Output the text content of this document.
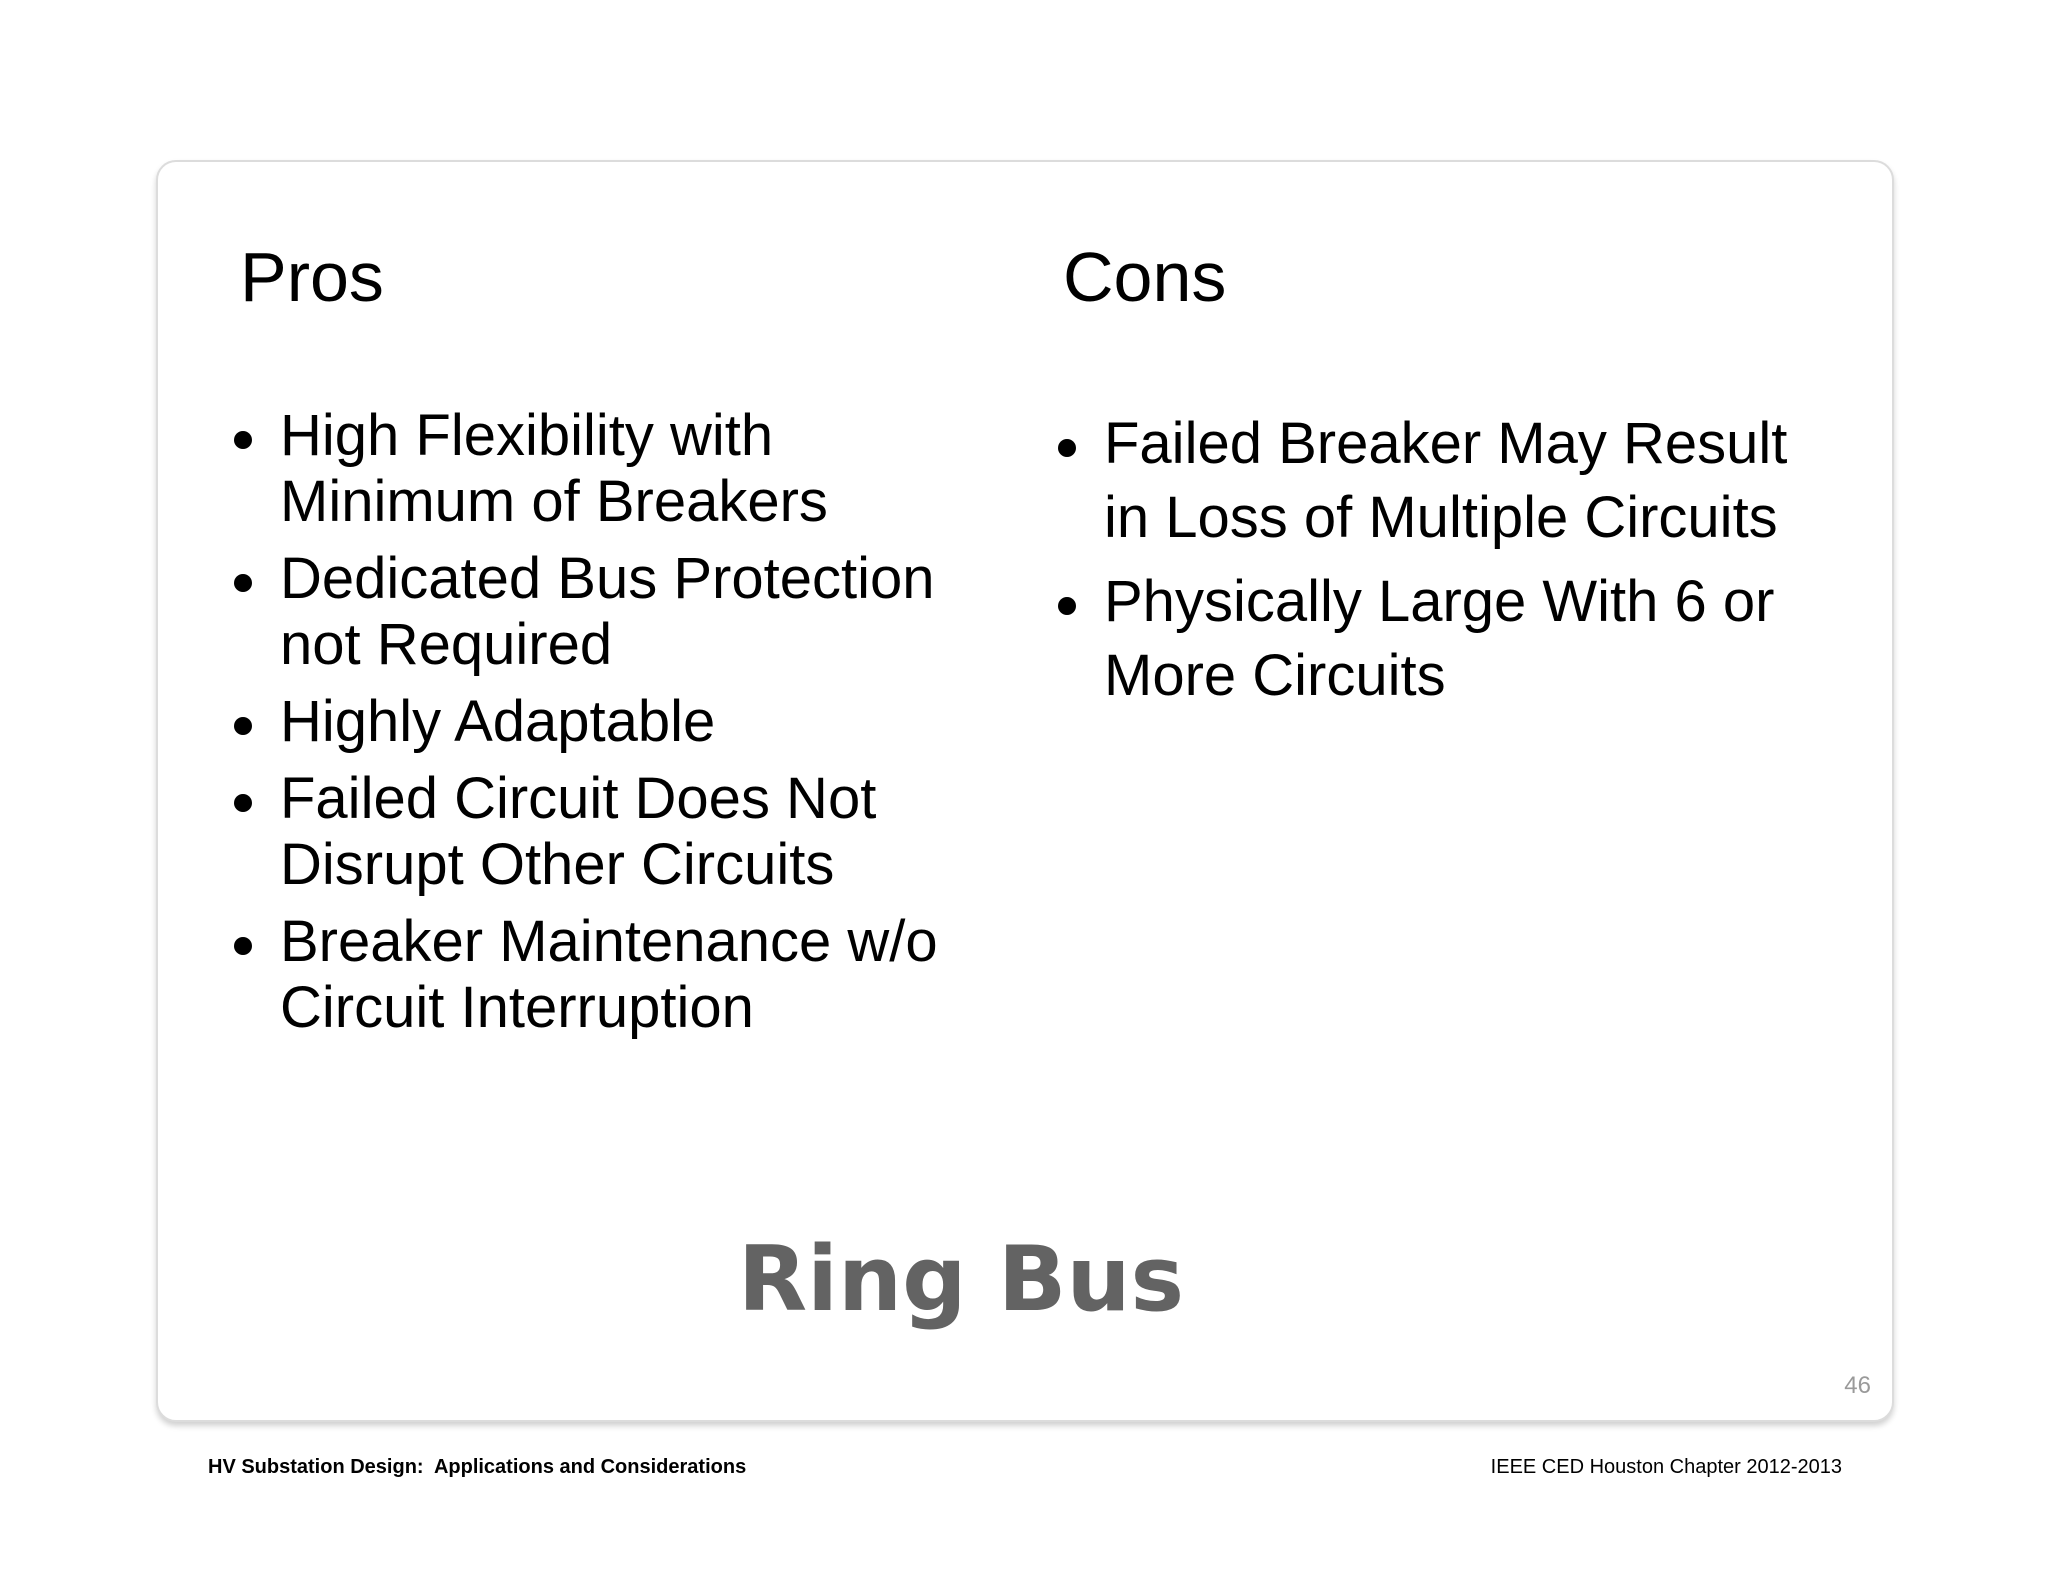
Pros	Cons
High Flexibility with Minimum of Breakers
Dedicated Bus Protection not Required
Highly Adaptable
Failed Circuit Does Not Disrupt Other Circuits
Breaker Maintenance w/o Circuit Interruption
Failed Breaker May Result in Loss of Multiple Circuits
Physically Large With 6 or More Circuits
Ring Bus
46
HV Substation Design:  Applications and Considerations	IEEE CED Houston Chapter 2012-2013
